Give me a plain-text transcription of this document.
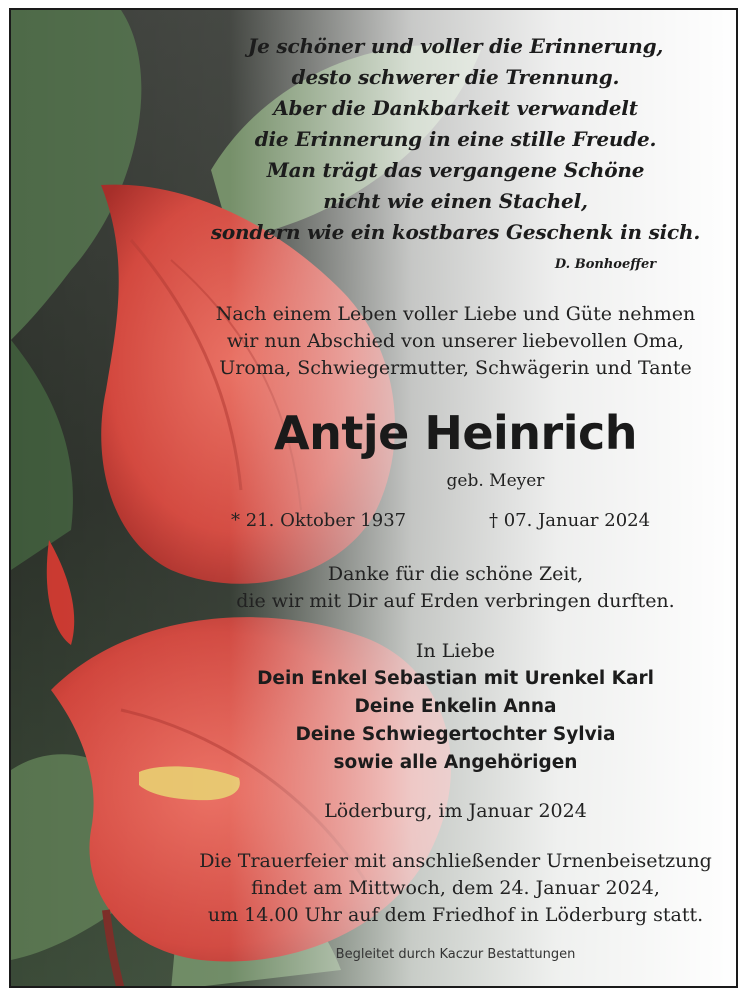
Je schöner und voller die Erinnerung,
desto schwerer die Trennung.
Aber die Dankbarkeit verwandelt
die Erinnerung in eine stille Freude.
Man trägt das vergangene Schöne
nicht wie einen Stachel,
sondern wie ein kostbares Geschenk in sich.
D. Bonhoeffer
Nach einem Leben voller Liebe und Güte nehmen
wir nun Abschied von unserer liebevollen Oma,
Uroma, Schwiegermutter, Schwägerin und Tante
Antje Heinrich
geb. Meyer
* 21. Oktober 1937	† 07. Januar 2024
Danke für die schöne Zeit,
die wir mit Dir auf Erden verbringen durften.
In Liebe
Dein Enkel Sebastian mit Urenkel Karl
Deine Enkelin Anna
Deine Schwiegertochter Sylvia
sowie alle Angehörigen
Löderburg, im Januar 2024
Die Trauerfeier mit anschließender Urnenbeisetzung
findet am Mittwoch, dem 24. Januar 2024,
um 14.00 Uhr auf dem Friedhof in Löderburg statt.
Begleitet durch Kaczur Bestattungen
